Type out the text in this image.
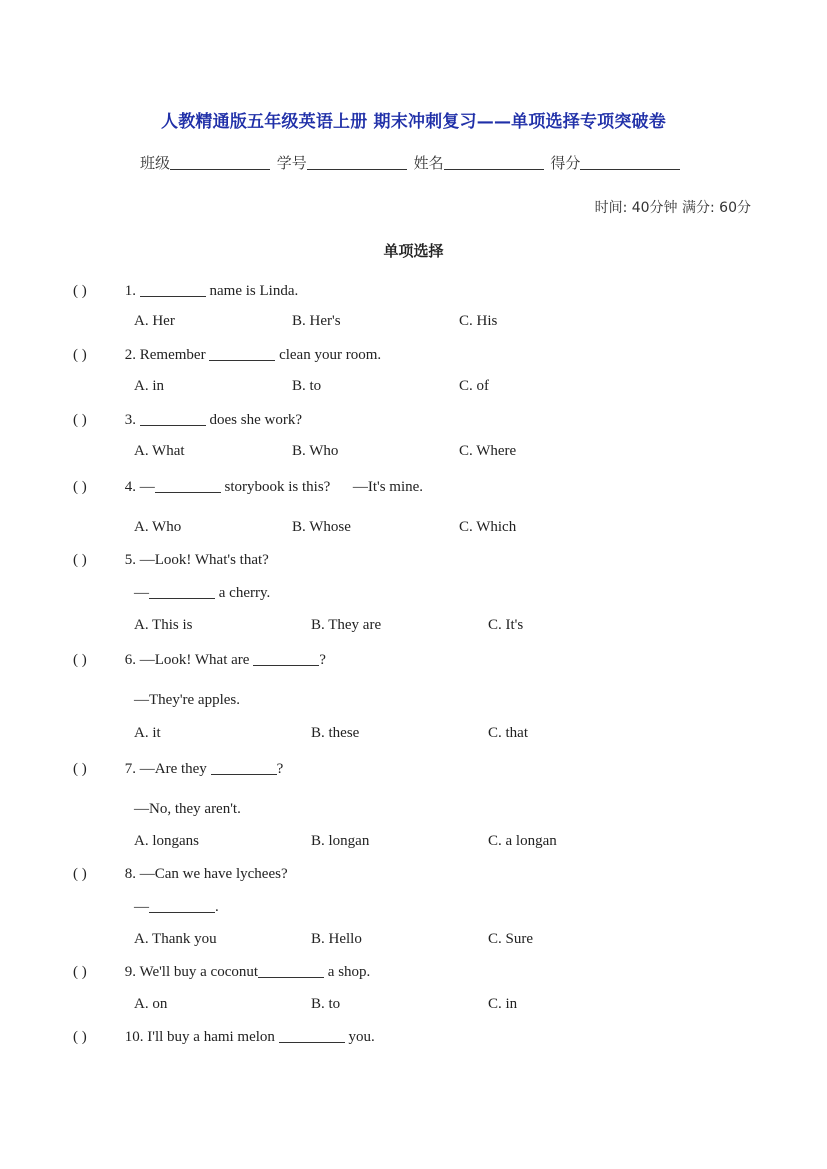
人教精通版五年级英语上册 期末冲刺复习——单项选择专项突破卷
班级	学号	姓名	得分
时间: 40分钟 满分: 60分
单项选择
( )	1.	name is Linda.
A. Her	B. Her's	C. His
( )	2. Remember	clean your room.
A. in	B. to	C. of
( )	3.	does she work?
A. What	B. Who	C. Where
( )	4. —	storybook is this?      —It's mine.
A. Who	B. Whose	C. Which
( )	5. —Look! What's that?
—	a cherry.
A. This is	B. They are	C. It's
( )	6. —Look! What are	?
—They're apples.
A. it	B. these	C. that
( )	7. —Are they	?
—No, they aren't.
A. longans	B. longan	C. a longan
( )	8. —Can we have lychees?
—	.
A. Thank you	B. Hello	C. Sure
( )	9. We'll buy a coconut	a shop.
A. on	B. to	C. in
( )	10. I'll buy a hami melon	you.
